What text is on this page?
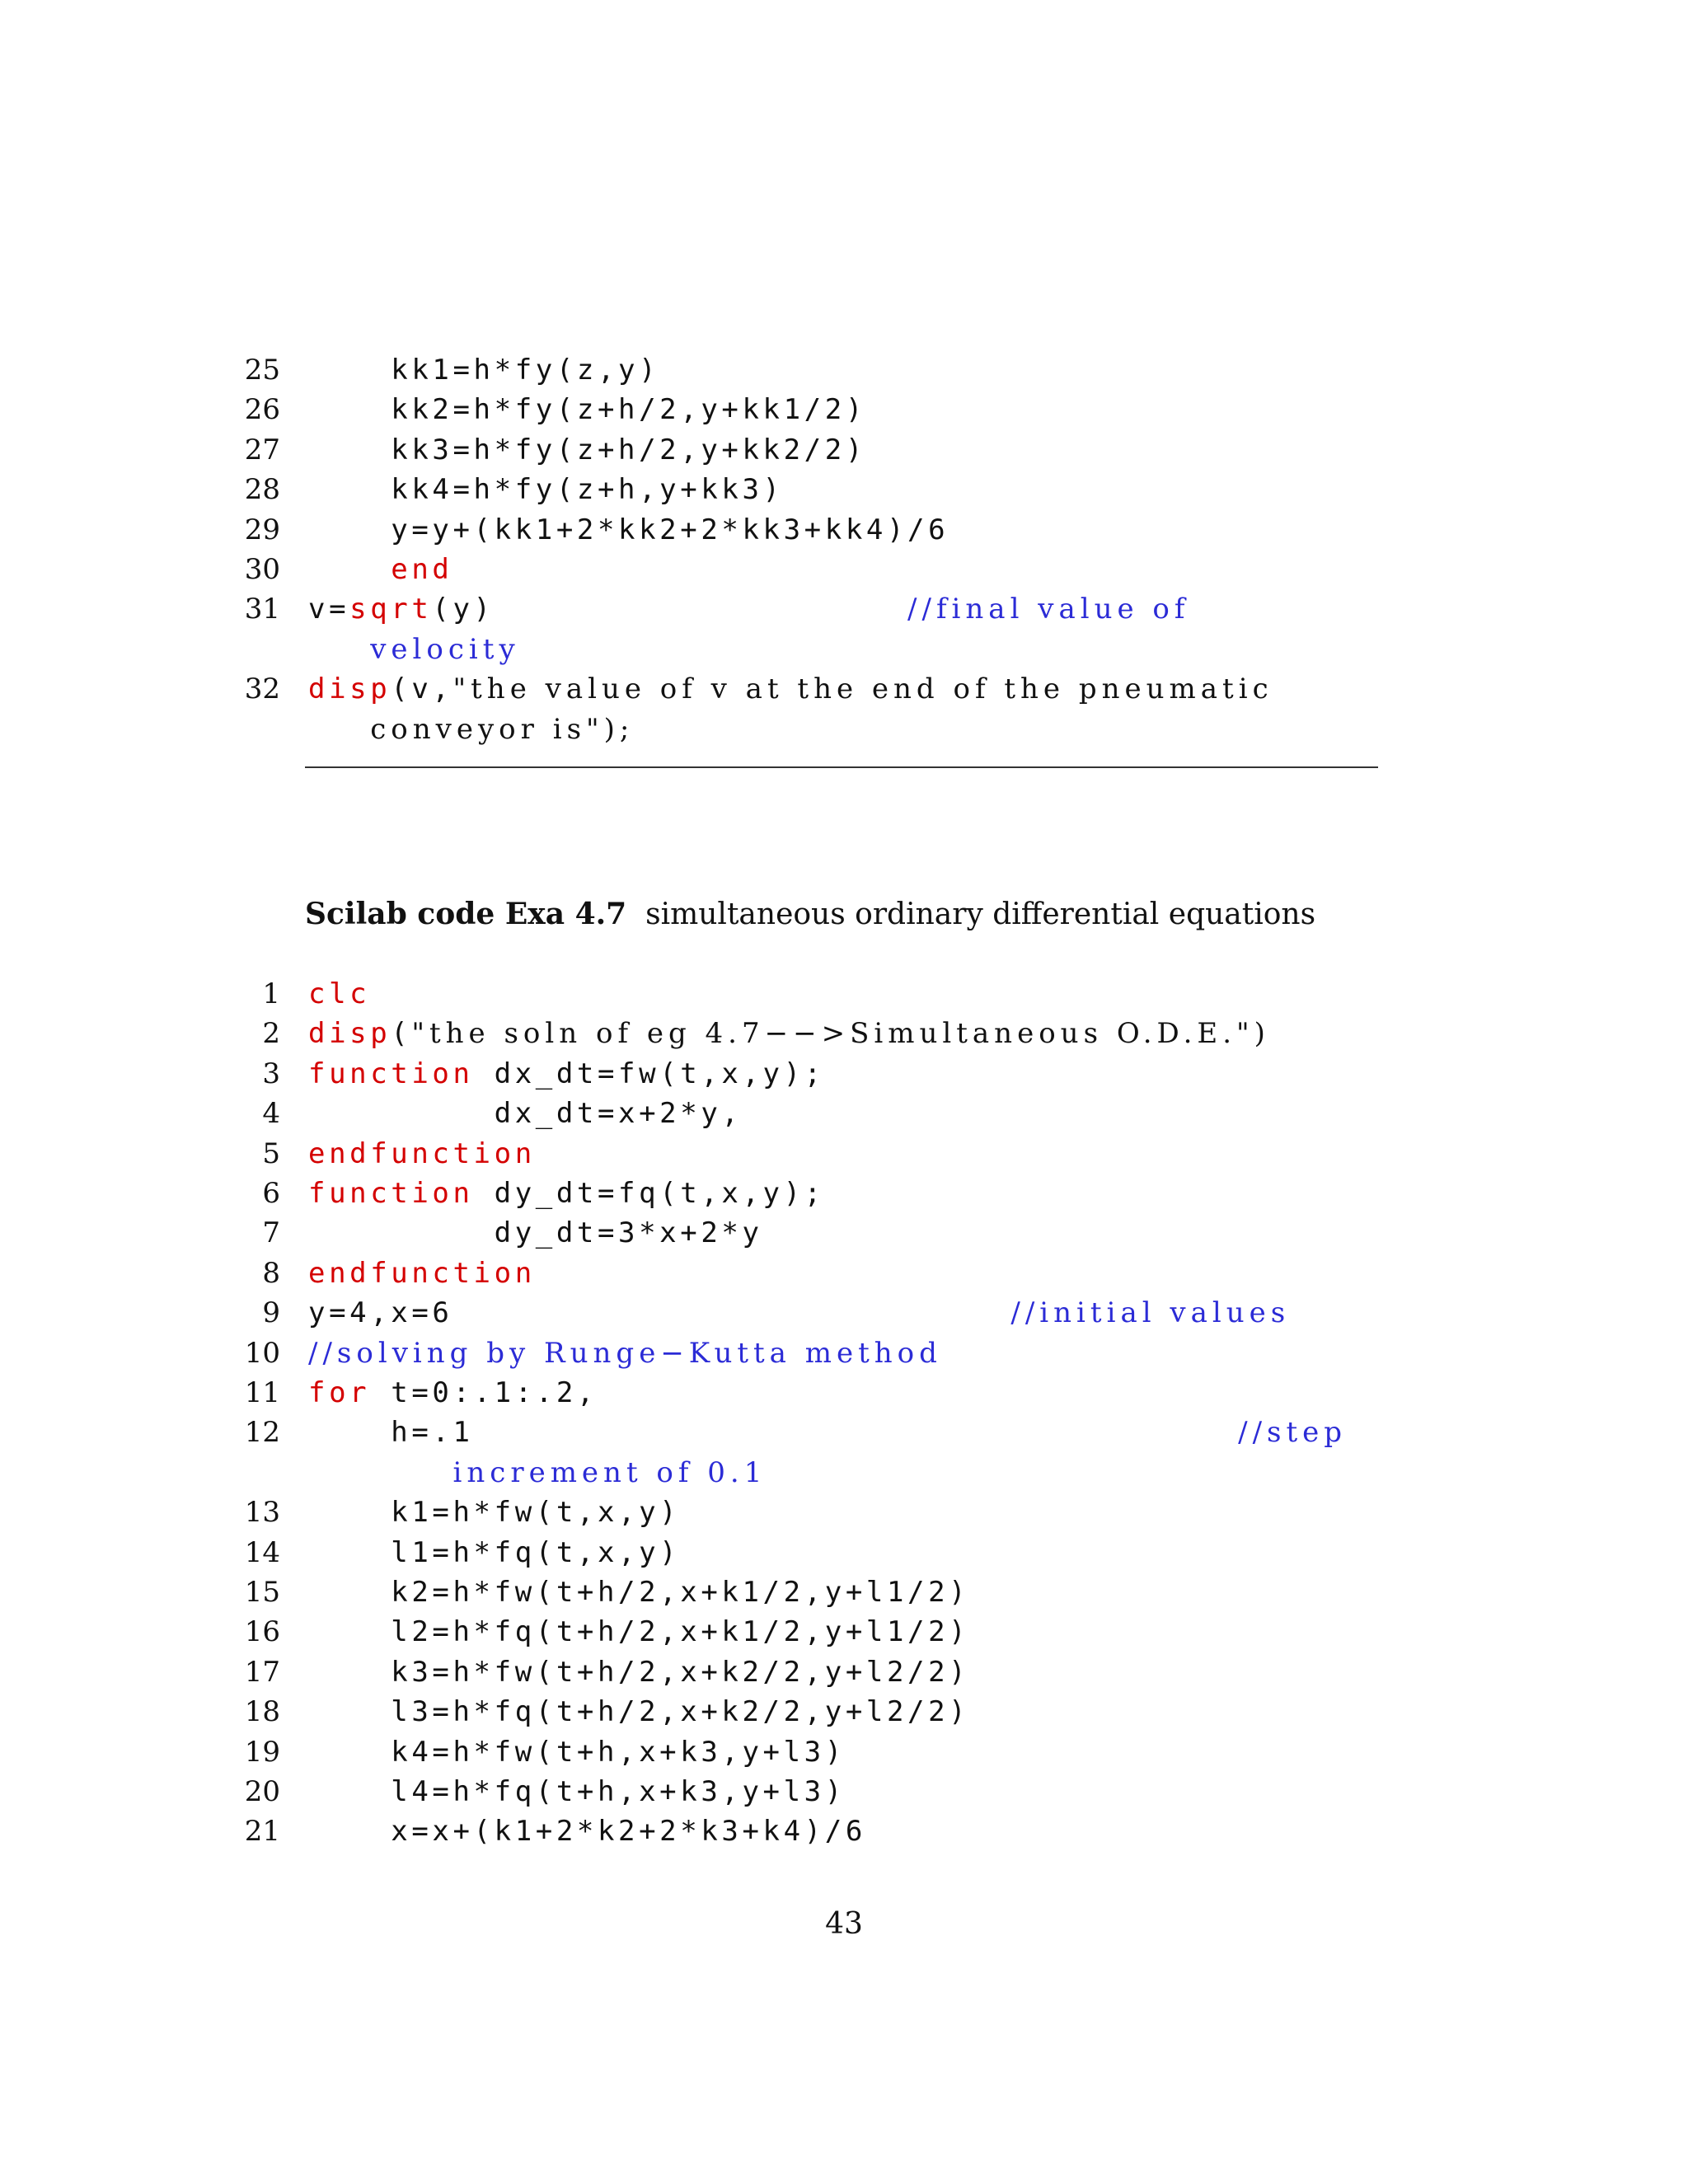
25 kk1=h*fy(z,y)
26 kk2=h*fy(z+h/2,y+kk1/2)
27 kk3=h*fy(z+h/2,y+kk2/2)
28 kk4=h*fy(z+h,y+kk3)
29 y=y+(kk1+2*kk2+2*kk3+kk4)/6
30	end
31 v=sqrt(y)                    //final value of
velocity
32 disp(v,"the value of v at the end of the pneumatic
conveyor is");
Scilab code Exa 4.7 simultaneous ordinary differential equations
1 clc
2 disp("the soln of eg 4.7−−>Simultaneous O.D.E.")
3 function dx_dt=fw(t,x,y);
4 dx_dt=x+2*y,
5 endfunction
6 function dy_dt=fq(t,x,y);
7 dy_dt=3*x+2*y
8 endfunction
9 y=4,x=6                           //initial values
10 //solving by Runge−Kutta method
11 for t=0:.1:.2,
12 h=.1                                     //step
increment of 0.1
13 k1=h*fw(t,x,y)
14 l1=h*fq(t,x,y)
15 k2=h*fw(t+h/2,x+k1/2,y+l1/2)
16 l2=h*fq(t+h/2,x+k1/2,y+l1/2)
17 k3=h*fw(t+h/2,x+k2/2,y+l2/2)
18 l3=h*fq(t+h/2,x+k2/2,y+l2/2)
19 k4=h*fw(t+h,x+k3,y+l3)
20 l4=h*fq(t+h,x+k3,y+l3)
21 x=x+(k1+2*k2+2*k3+k4)/6
43
